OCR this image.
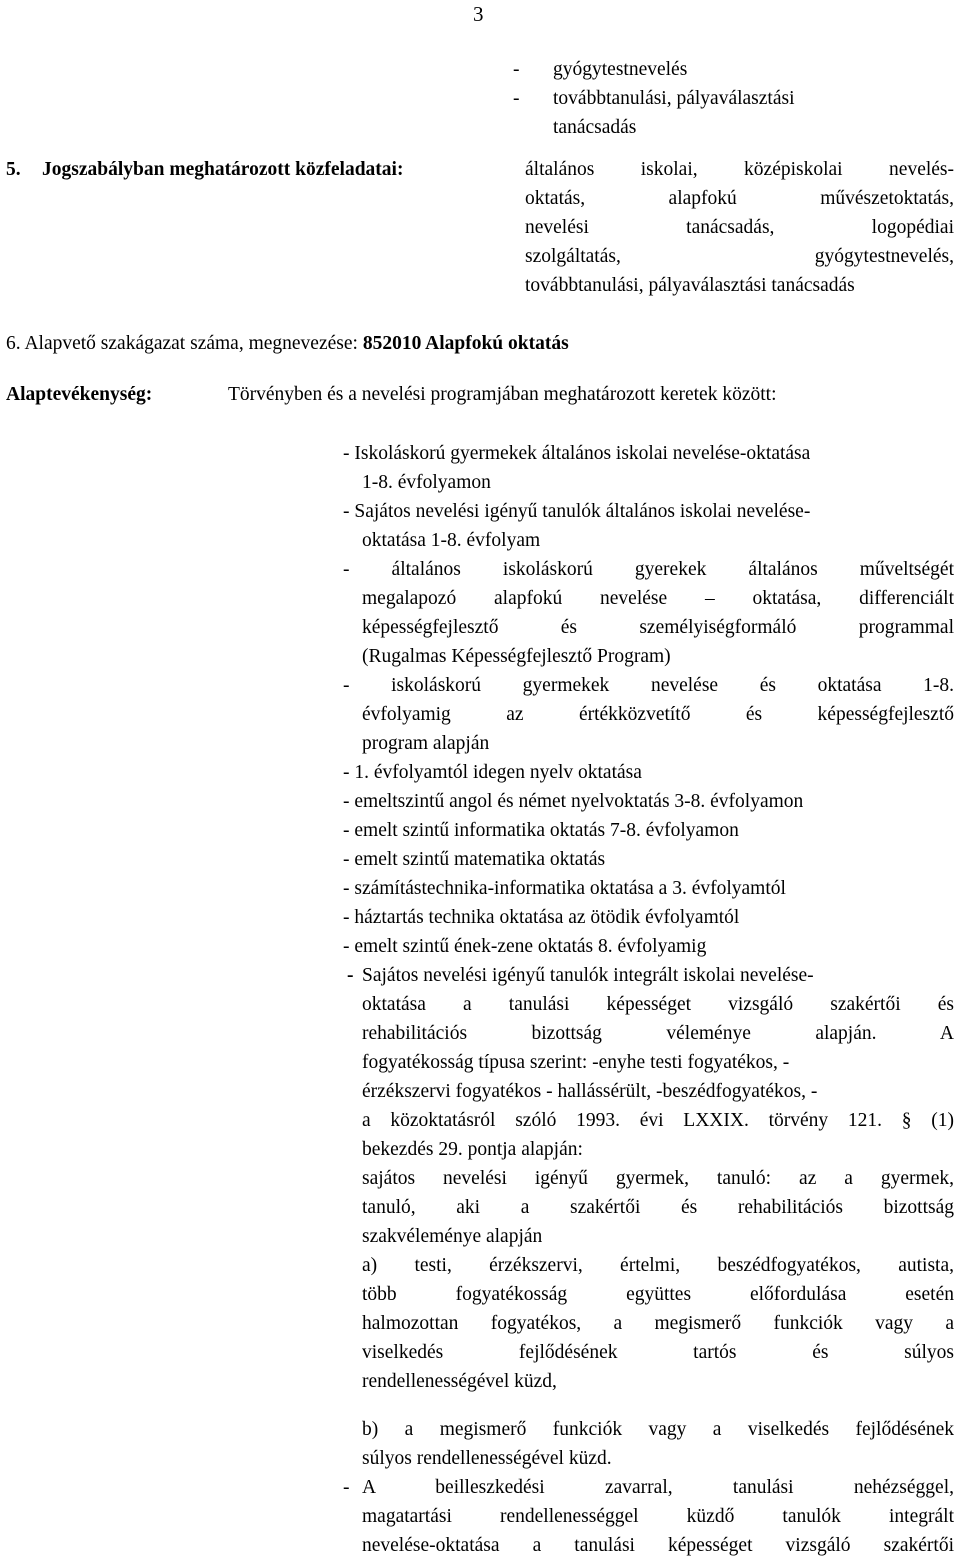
3
- gyógytestnevelés
- továbbtanulási, pályaválasztási
tanácsadás
5. Jogszabályban meghatározott közfeladatai:	általános iskolai, középiskolai nevelés-
oktatás, alapfokú művészetoktatás,
nevelési tanácsadás, logopédiai
szolgáltatás, gyógytestnevelés,
továbbtanulási, pályaválasztási tanácsadás
6. Alapvető szakágazat száma, megnevezése: 852010 Alapfokú oktatás
Alaptevékenység:	Törvényben és a nevelési programjában meghatározott keretek között:
- Iskoláskorú gyermekek általános iskolai nevelése-oktatása
1-8. évfolyamon
- Sajátos nevelési igényű tanulók általános iskolai nevelése-
oktatása 1-8. évfolyam
- általános iskoláskorú gyerekek általános műveltségét
megalapozó alapfokú nevelése – oktatása, differenciált
képességfejlesztő és személyiségformáló programmal
(Rugalmas Képességfejlesztő Program)
- iskoláskorú gyermekek nevelése és oktatása 1-8.
évfolyamig az értékközvetítő és képességfejlesztő
program alapján
- 1. évfolyamtól idegen nyelv oktatása
- emeltszintű angol és német nyelvoktatás 3-8. évfolyamon
- emelt szintű informatika oktatás 7-8. évfolyamon
- emelt szintű matematika oktatás
- számítástechnika-informatika oktatása a 3. évfolyamtól
- háztartás technika oktatása az ötödik évfolyamtól
- emelt szintű ének-zene oktatás 8. évfolyamig
- Sajátos nevelési igényű tanulók integrált iskolai nevelése-
oktatása a tanulási képességet vizsgáló szakértői és
rehabilitációs bizottság véleménye alapján. A
fogyatékosság típusa szerint: -enyhe testi fogyatékos, -
érzékszervi fogyatékos - hallássérült, -beszédfogyatékos, -
a közoktatásról szóló 1993. évi LXXIX. törvény 121. § (1)
bekezdés 29. pontja alapján:
sajátos nevelési igényű gyermek, tanuló: az a gyermek,
tanuló, aki a szakértői és rehabilitációs bizottság
szakvéleménye alapján
a) testi, érzékszervi, értelmi, beszédfogyatékos, autista,
több fogyatékosság együttes előfordulása esetén
halmozottan fogyatékos, a megismerő funkciók vagy a
viselkedés fejlődésének tartós és súlyos
rendellenességével küzd,
b) a megismerő funkciók vagy a viselkedés fejlődésének
súlyos rendellenességével küzd.
- A beilleszkedési zavarral, tanulási nehézséggel,
magatartási rendellenességgel küzdő tanulók integrált
nevelése-oktatása a tanulási képességet vizsgáló szakértői
